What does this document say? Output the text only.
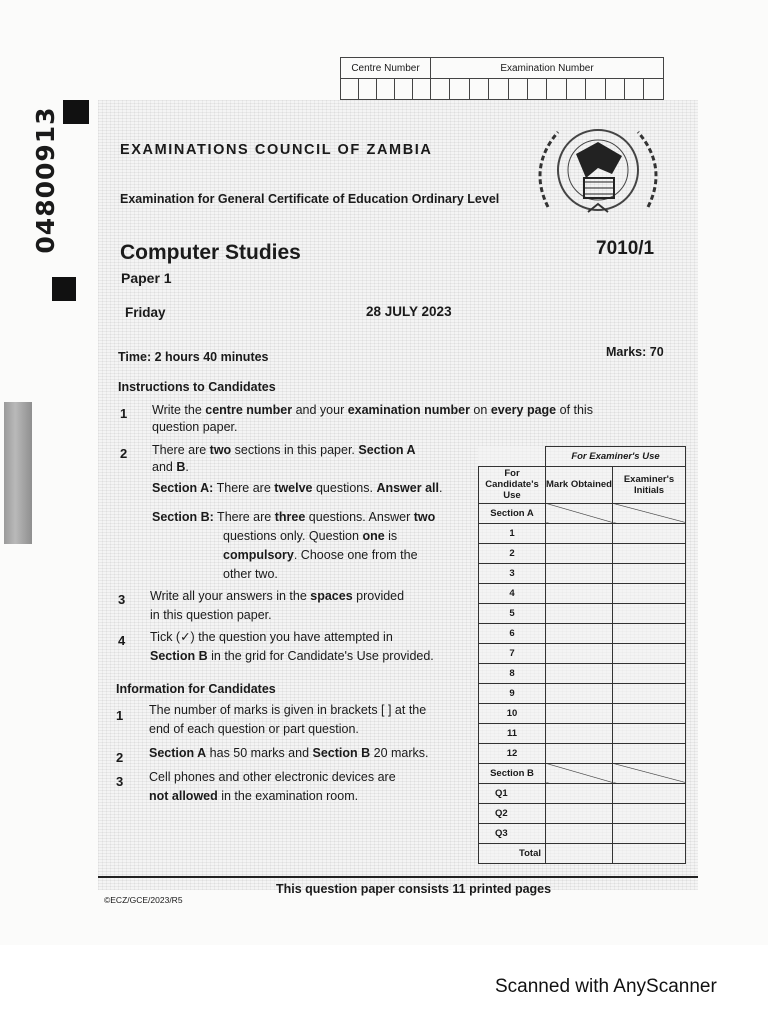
04800913
Centre Number					Examination Number											

EXAMINATIONS COUNCIL OF ZAMBIA
Examination for General Certificate of Education Ordinary Level
Computer Studies	7010/1
Paper 1
Friday	28 JULY 2023
Time: 2 hours 40 minutes	Marks: 70
Instructions to Candidates
1 Write the centre number and your examination number on every page of this
question paper.
2 There are two sections in this paper. Section A
and B.
Section A: There are twelve questions. Answer all.
Section B: There are three questions. Answer two
questions only. Question one is
compulsory. Choose one from the
other two.
3 Write all your answers in the spaces provided
in this question paper.
4 Tick (✓) the question you have attempted in
Section B in the grid for Candidate's Use provided.
Information for Candidates
1 The number of marks is given in brackets [ ] at the
end of each question or part question.
2 Section A has 50 marks and Section B 20 marks.
3 Cell phones and other electronic devices are
not allowed in the examination room.
	For Examiner's Use	
For Candidate's Use	Mark Obtained	Examiner's Initials
Section A		
1		
2		
3		
4		
5		
6		
7		
8		
9		
10		
11		
12		
Section B		
Q1		
Q2		
Q3		
Total		
This question paper consists 11 printed pages
©ECZ/GCE/2023/R5
Scanned with AnyScanner
